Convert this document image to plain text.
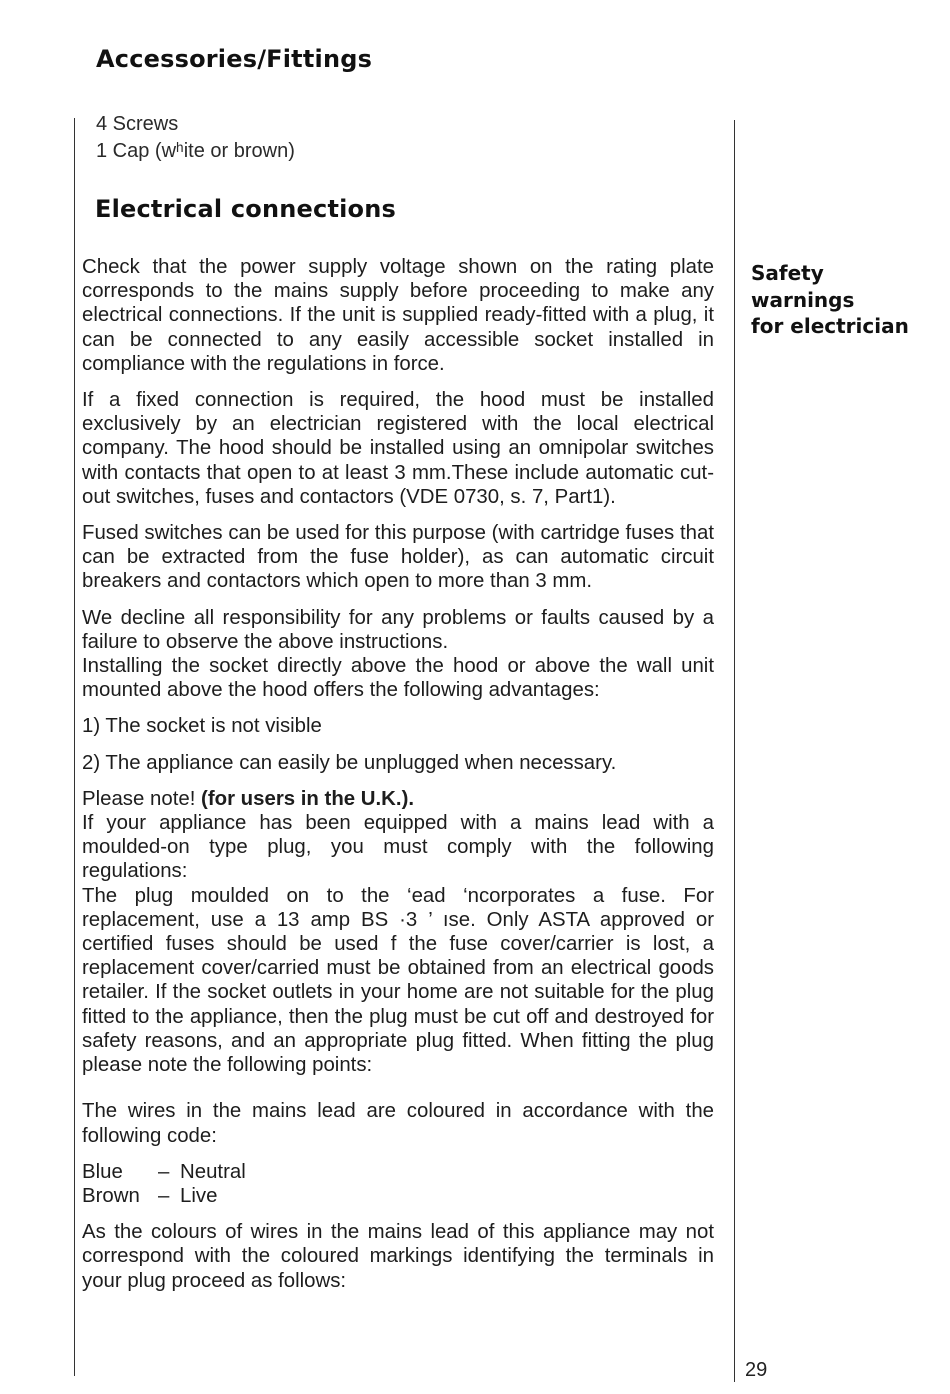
Accessories/Fittings
4 Screws
1 Cap (wʰite or brown)
Electrical connections

Check that the power supply voltage shown on the rating plate corresponds to the mains supply before proceeding to make any electrical connections. If the unit is supplied ready-fitted with a plug, it can be connected to any easily accessible socket installed in compliance with the regulations in force.

If a fixed connection is required, the hood must be installed exclusively by an electrician registered with the local electrical company. The hood should be installed using an omnipolar switches with contacts that open to at least 3 mm.These include automatic cut-out switches, fuses and contactors (VDE 0730, s. 7, Part1).

Fused switches can be used for this purpose (with cartridge fuses that can be extracted from the fuse holder), as can automatic circuit breakers and contactors which open to more than 3 mm.

We decline all responsibility for any problems or faults caused by a failure to observe the above instructions.

Installing the socket directly above the hood or above the wall unit mounted above the hood offers the following advantages:

1) The socket is not visible

2) The appliance can easily be unplugged when necessary.

Please note! (for users in the U.K.).

If your appliance has been equipped with a mains lead with a moulded-on type plug, you must comply with the following regulations:

The plug moulded on to thе ‘ead ‘ncorporates a fuse. For replacement, use a 13 amp BS ·3 ’ ıse. Only ASTA approved or certified fuses should be used f the fuse cover/carrier is lost, a replacement cover/carried must be obtained from an electrical goods retailer. If the socket outlets in your home are not suitable for the plug fitted to the appliance, then the plug must be cut off and destroyed for safety reasons, and an appropriate plug fitted. When fitting the plug please note the following points:

The wires in the mains lead are coloured in accordance with the following code:

Blue	– Neutral
Brown – Live

As the colours of wires in the mains lead of this appliance may not correspond with the coloured markings identifying the terminals in your plug proceed as follows:

Safety
warnings
for electrician
29
